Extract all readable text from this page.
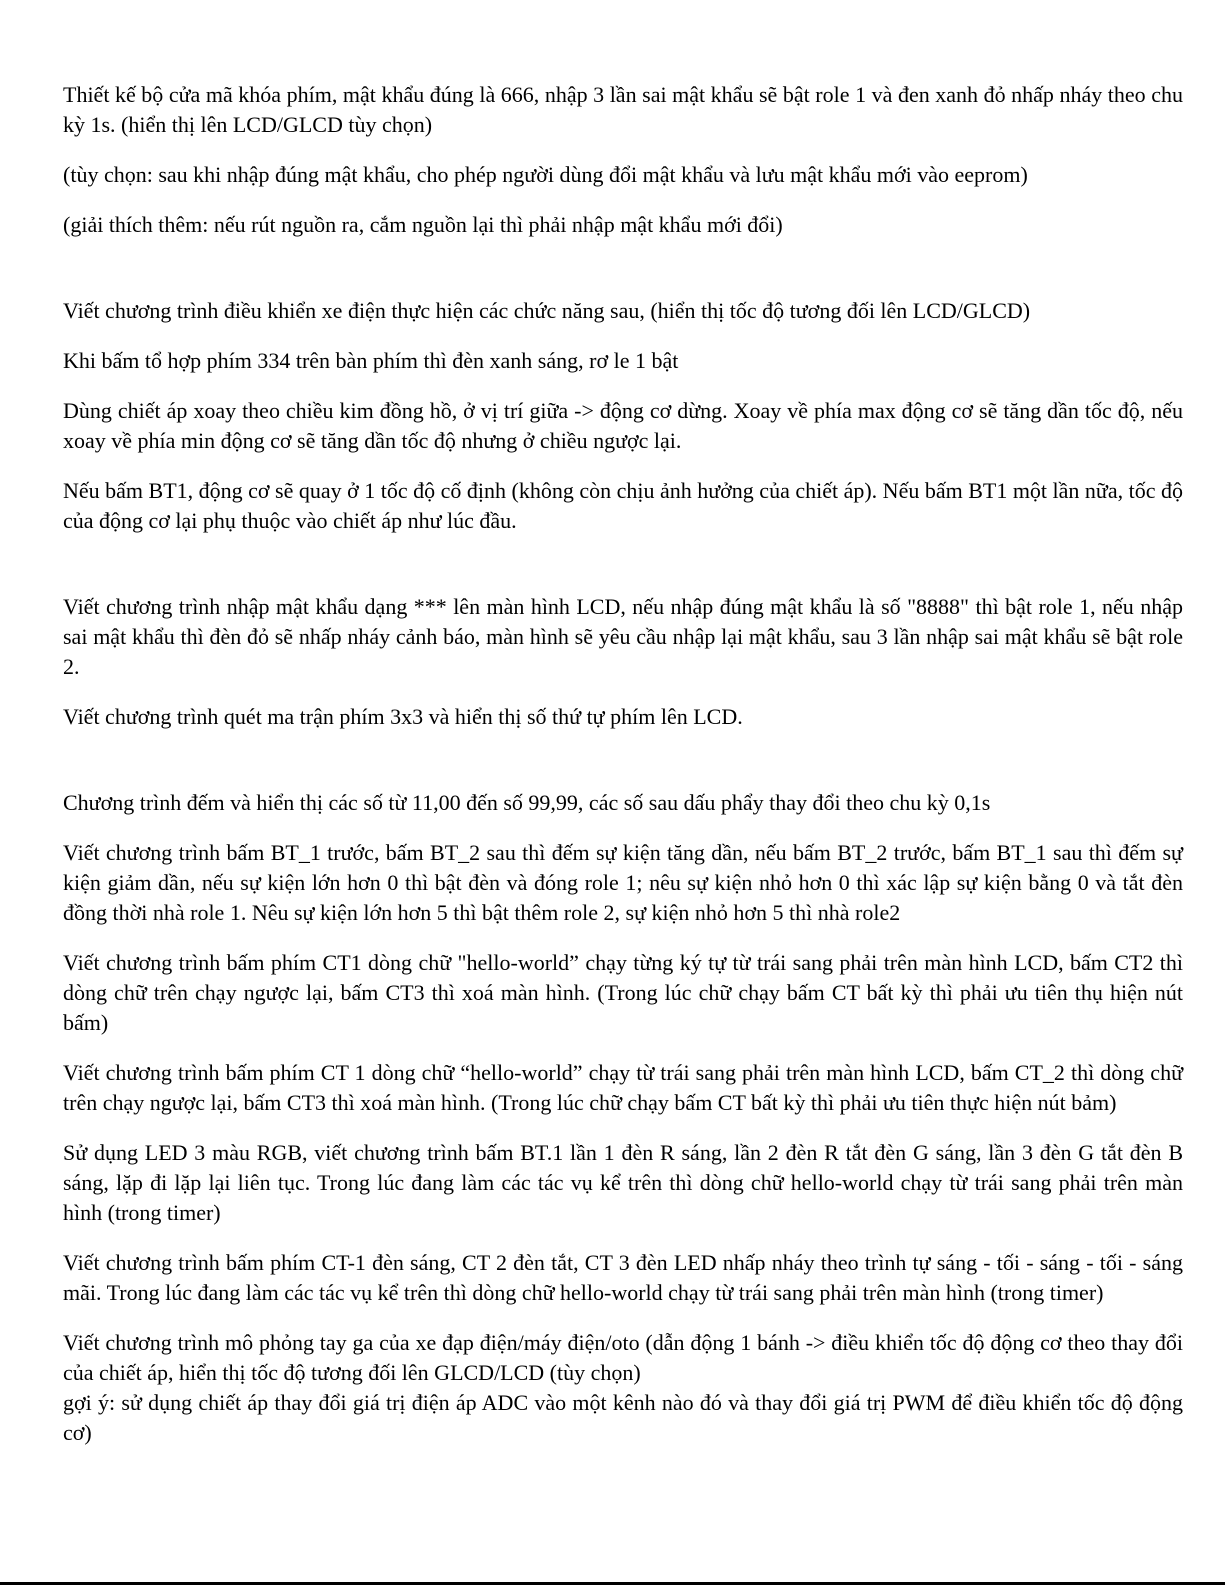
Thiết kế bộ cửa mã khóa phím, mật khẩu đúng là 666, nhập 3 lần sai mật khẩu sẽ bật role 1 và đen xanh đỏ nhấp nháy theo chu kỳ 1s. (hiển thị lên LCD/GLCD tùy chọn)

(tùy chọn: sau khi nhập đúng mật khẩu, cho phép người dùng đổi mật khẩu và lưu mật khẩu mới vào eeprom)

(giải thích thêm: nếu rút nguồn ra, cắm nguồn lại thì phải nhập mật khẩu mới đổi)

Viết chương trình điều khiển xe điện thực hiện các chức năng sau, (hiển thị tốc độ tương đối lên LCD/GLCD)

Khi bấm tổ hợp phím 334 trên bàn phím thì đèn xanh sáng, rơ le 1 bật

Dùng chiết áp xoay theo chiều kim đồng hồ, ở vị trí giữa -> động cơ dừng. Xoay về phía max động cơ sẽ tăng dần tốc độ, nếu xoay về phía min động cơ sẽ tăng dần tốc độ nhưng ở chiều ngược lại.

Nếu bấm BT1, động cơ sẽ quay ở 1 tốc độ cố định (không còn chịu ảnh hưởng của chiết áp). Nếu bấm BT1 một lần nữa, tốc độ của động cơ lại phụ thuộc vào chiết áp như lúc đầu.

Viết chương trình nhập mật khẩu dạng *** lên màn hình LCD, nếu nhập đúng mật khẩu là số "8888" thì bật role 1, nếu nhập sai mật khẩu thì đèn đỏ sẽ nhấp nháy cảnh báo, màn hình sẽ yêu cầu nhập lại mật khẩu, sau 3 lần nhập sai mật khẩu sẽ bật role 2.

Viết chương trình quét ma trận phím 3x3 và hiển thị số thứ tự phím lên LCD.

Chương trình đếm và hiển thị các số từ 11,00 đến số 99,99, các số sau dấu phẩy thay đổi theo chu kỳ 0,1s

Viết chương trình bấm BT_1 trước, bấm BT_2 sau thì đếm sự kiện tăng dần, nếu bấm BT_2 trước, bấm BT_1 sau thì đếm sự kiện giảm dần, nếu sự kiện lớn hơn 0 thì bật đèn và đóng role 1; nêu sự kiện nhỏ hơn 0 thì xác lập sự kiện bằng 0 và tắt đèn đồng thời nhà role 1. Nêu sự kiện lớn hơn 5 thì bật thêm role 2, sự kiện nhỏ hơn 5 thì nhà role2

Viết chương trình bấm phím CT1 dòng chữ "hello-world” chạy từng ký tự từ trái sang phải trên màn hình LCD, bấm CT2 thì dòng chữ trên chạy ngược lại, bấm CT3 thì xoá màn hình. (Trong lúc chữ chạy bấm CT bất kỳ thì phải ưu tiên thụ hiện nút bấm)

Viết chương trình bấm phím CT 1 dòng chữ “hello-world” chạy từ trái sang phải trên màn hình LCD, bấm CT_2 thì dòng chữ trên chạy ngược lại, bấm CT3 thì xoá màn hình. (Trong lúc chữ chạy bấm CT bất kỳ thì phải ưu tiên thực hiện nút bảm)

Sử dụng LED 3 màu RGB, viết chương trình bấm BT.1 lần 1 đèn R sáng, lần 2 đèn R tắt đèn G sáng, lần 3 đèn G tắt đèn B sáng, lặp đi lặp lại liên tục. Trong lúc đang làm các tác vụ kể trên thì dòng chữ hello-world chạy từ trái sang phải trên màn hình (trong timer)

Viết chương trình bấm phím CT-1 đèn sáng, CT 2 đèn tắt, CT 3 đèn LED nhấp nháy theo trình tự sáng - tối - sáng - tối - sáng mãi. Trong lúc đang làm các tác vụ kể trên thì dòng chữ hello-world chạy từ trái sang phải trên màn hình (trong timer)

Viết chương trình mô phỏng tay ga của xe đạp điện/máy điện/oto (dẫn động 1 bánh -> điều khiển tốc độ động cơ theo thay đổi của chiết áp, hiển thị tốc độ tương đối lên GLCD/LCD (tùy chọn)
gợi ý: sử dụng chiết áp thay đổi giá trị điện áp ADC vào một kênh nào đó và thay đổi giá trị PWM để điều khiển tốc độ động cơ)
